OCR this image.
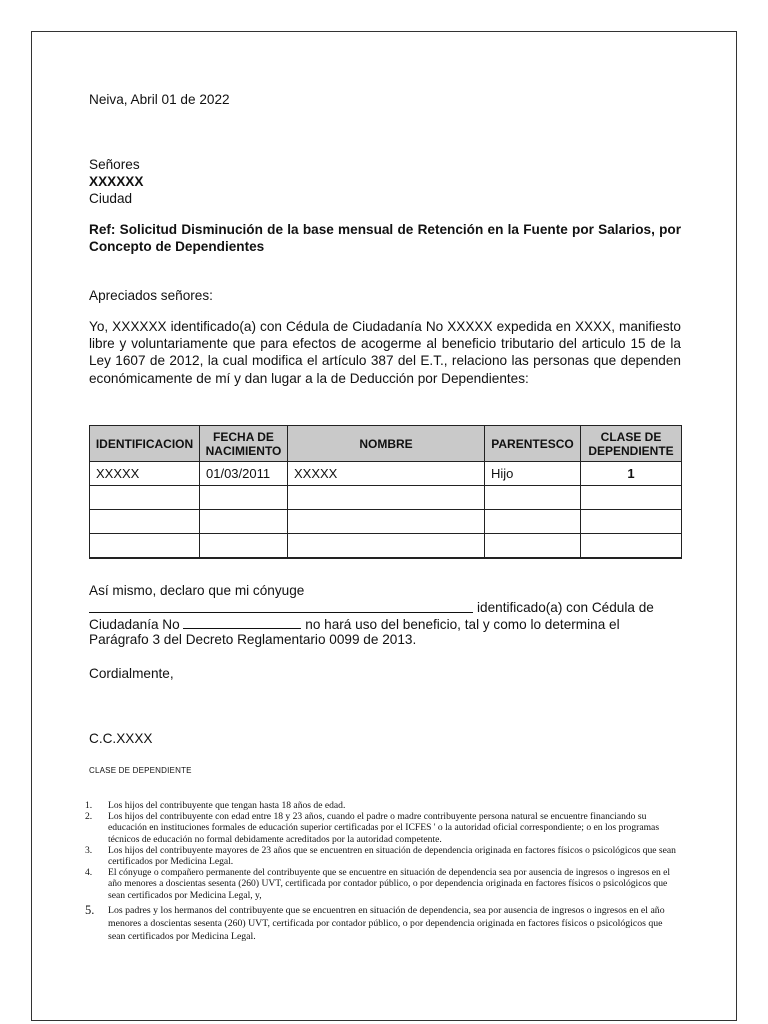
Neiva, Abril 01 de 2022

Señores

XXXXXX

Ciudad

Ref: Solicitud Disminución de la base mensual de Retención en la Fuente por Salarios, por Concepto de Dependientes

Apreciados señores:

Yo, XXXXXX identificado(a) con Cédula de Ciudadanía No XXXXX expedida en XXXX, manifiesto libre y voluntariamente que para efectos de acogerme al beneficio tributario del articulo 15 de la Ley 1607 de 2012, la cual modifica el artículo 387 del E.T., relaciono las personas que dependen económicamente de mí y dan lugar a la de Deducción por Dependientes:

IDENTIFICACION	FECHA DE NACIMIENTO	NOMBRE	PARENTESCO	CLASE DE DEPENDIENTE
XXXXX	01/03/2011	XXXXX	Hijo	1

Así mismo, declaro que mi cónyuge

identificado(a) con Cédula de
Ciudadanía No	no hará uso del beneficio, tal y como lo determina el

Parágrafo 3 del Decreto Reglamentario 0099 de 2013.

Cordialmente,

C.C.XXXX

CLASE DE DEPENDIENTE

1. Los hijos del contribuyente que tengan hasta 18 años de edad.
2. Los hijos del contribuyente con edad entre 18 y 23 años, cuando el padre o madre contribuyente persona natural se encuentre financiando su educación en instituciones formales de educación superior certificadas por el ICFES ' o la autoridad oficial correspondiente; o en los programas técnicos de educación no formal debidamente acreditados por la autoridad competente.
3. Los hijos del contribuyente mayores de 23 años que se encuentren en situación de dependencia originada en factores físicos o psicológicos que sean certificados por Medicina Legal.
4. El cónyuge o compañero permanente del contribuyente que se encuentre en situación de dependencia sea por ausencia de ingresos o ingresos en el año menores a doscientas sesenta (260) UVT, certificada por contador público, o por dependencia originada en factores físicos o psicológicos que sean certificados por Medicina Legal, y,
5. Los padres y los hermanos del contribuyente que se encuentren en situación de dependencia, sea por ausencia de ingresos o ingresos en el año menores a doscientas sesenta (260) UVT, certificada por contador público, o por dependencia originada en factores físicos o psicológicos que sean certificados por Medicina Legal.
